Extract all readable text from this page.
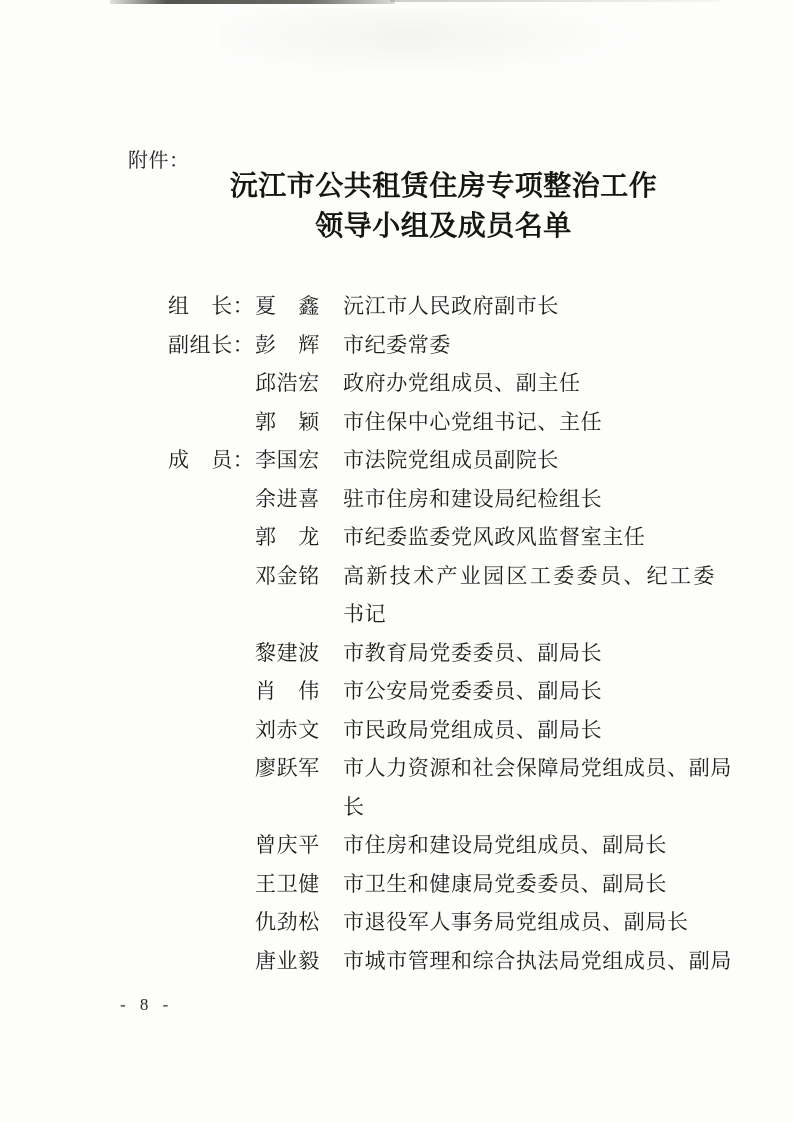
附件：
沅江市公共租赁住房专项整治工作
领导小组及成员名单
组　长： 夏　鑫 沅江市人民政府副市长
副组长： 彭　辉 市纪委常委
邱浩宏 政府办党组成员、副主任
郭　颖 市住保中心党组书记、主任
成　员： 李国宏 市法院党组成员副院长
余进喜 驻市住房和建设局纪检组长
郭　龙 市纪委监委党风政风监督室主任
邓金铭 高 新 技 术 产 业 园 区 工 委 委 员 、 纪 工 委
书记
黎建波 市教育局党委委员、副局长
肖　伟 市公安局党委委员、副局长
刘赤文 市民政局党组成员、副局长
廖跃军 市 人 力 资 源 和 社 会 保 障 局 党 组 成 员 、 副 局
长
曾庆平 市住房和建设局党组成员、副局长
王卫健 市卫生和健康局党委委员、副局长
仇劲松 市退役军人事务局党组成员、副局长
唐业毅 市 城 市 管 理 和 综 合 执 法 局 党 组 成 员 、 副 局
- 8 -
